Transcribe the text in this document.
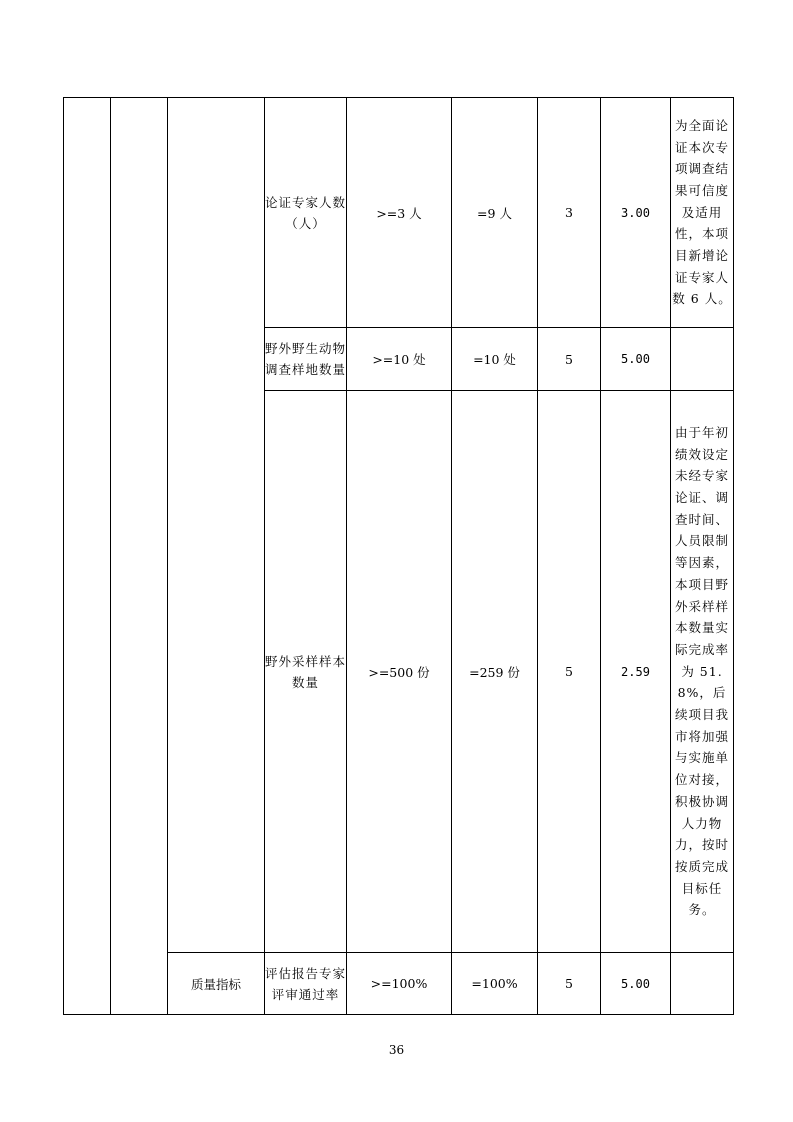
			论证专家人数（人）	>=3 人	=9 人	3	3.00	为全面论证本次专项调查结果可信度及适用性，本项目新增论证专家人数 6 人。
			野外野生动物调查样地数量	>=10 处	=10 处	5	5.00	
			野外采样样本数量	>=500 份	=259 份	5	2.59	由于年初绩效设定未经专家论证、调查时间、人员限制等因素，本项目野外采样样本数量实际完成率为 51.8%，后续项目我市将加强与实施单位对接，积极协调人力物力，按时按质完成目标任务。
		质量指标	评估报告专家评审通过率	>=100%	=100%	5	5.00	
36
